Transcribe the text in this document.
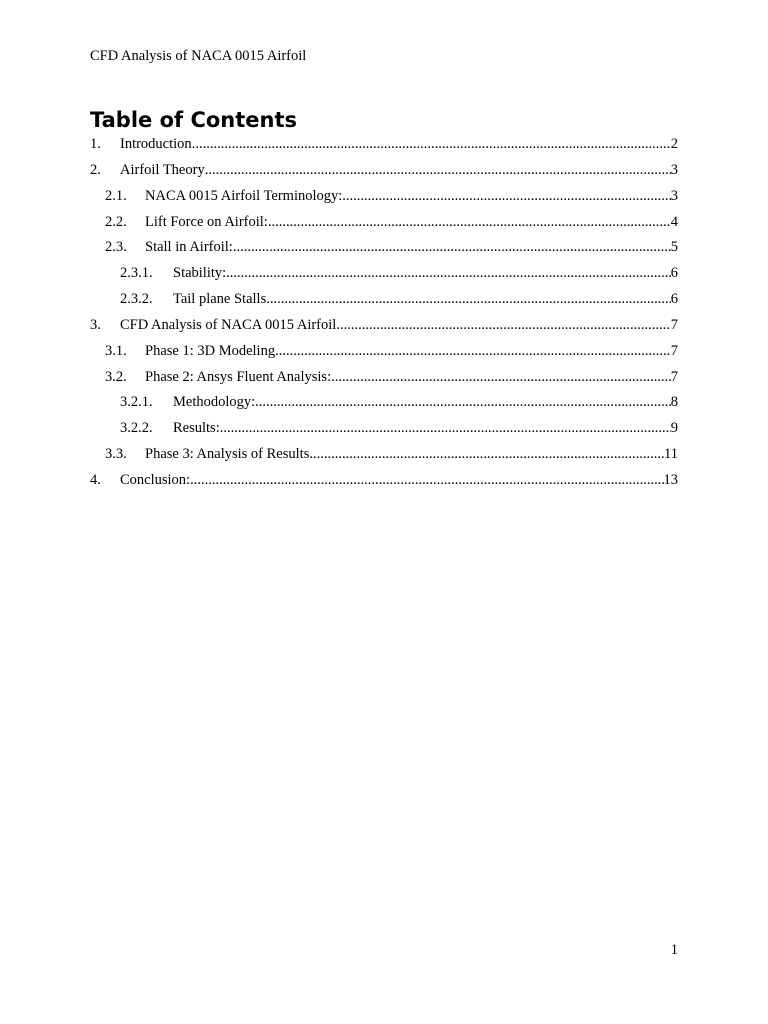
CFD Analysis of NACA 0015 Airfoil
Table of Contents
1.	Introduction .....	2
2.	Airfoil Theory .....	3
2.1.	NACA 0015 Airfoil Terminology: .....	3
2.2.	Lift Force on Airfoil: .....	4
2.3.	Stall in Airfoil: .....	5
2.3.1.	Stability: .....	6
2.3.2.	Tail plane Stalls .....	6
3.	CFD Analysis of NACA 0015 Airfoil .....	7
3.1.	Phase 1: 3D Modeling .....	7
3.2.	Phase 2: Ansys Fluent Analysis: .....	7
3.2.1.	Methodology: .....	8
3.2.2.	Results: .....	9
3.3.	Phase 3: Analysis of Results .....	11
4.	Conclusion: .....	13
1
